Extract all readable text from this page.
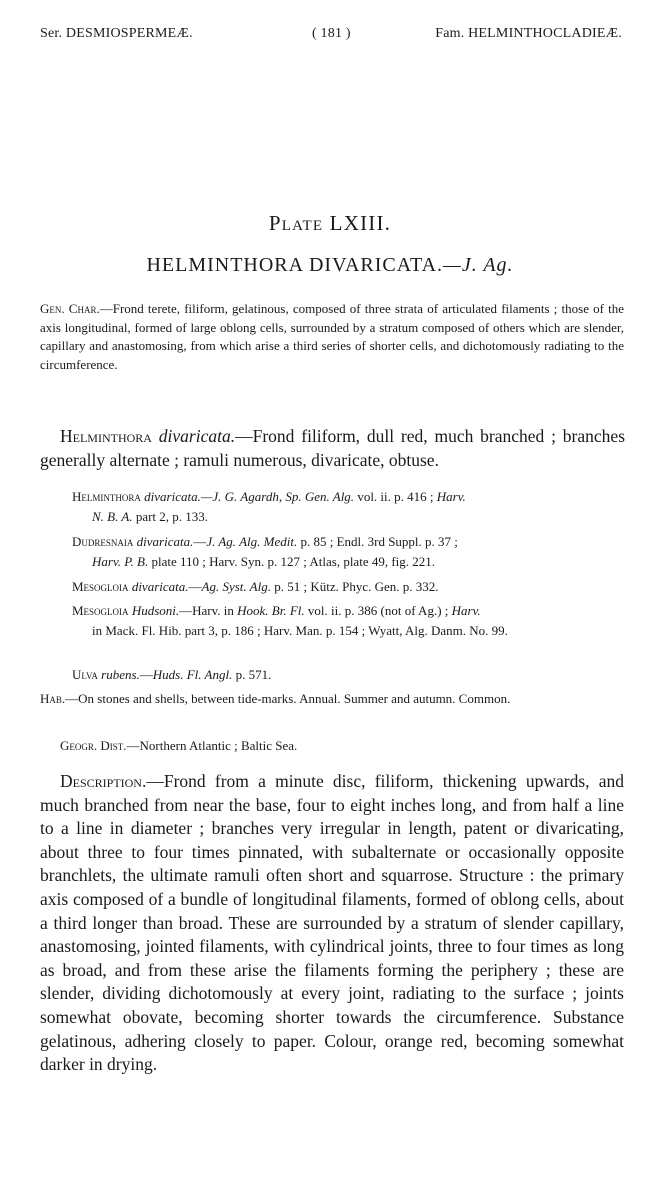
Ser. DESMIOSPERMEÆ.	( 181 )	Fam. HELMINTHOCLADIEÆ.
Plate LXIII.
HELMINTHORA DIVARICATA.—J. Ag.
Gen. Char.—Frond terete, filiform, gelatinous, composed of three strata of articulated filaments ; those of the axis longitudinal, formed of large oblong cells, surrounded by a stratum composed of others which are slender, capillary and anastomosing, from which arise a third series of shorter cells, and dichotomously radiating to the circumference.
Helminthora divaricata.—Frond filiform, dull red, much branched ; branches generally alternate ; ramuli numerous, divaricate, obtuse.
Helminthora divaricata.—J. G. Agardh, Sp. Gen. Alg. vol. ii. p. 416 ; Harv.
N. B. A. part 2, p. 133.
Dudresnaia divaricata.—J. Ag. Alg. Medit. p. 85 ; Endl. 3rd Suppl. p. 37 ;
Harv. P. B. plate 110 ; Harv. Syn. p. 127 ; Atlas, plate 49, fig. 221.
Mesogloia divaricata.—Ag. Syst. Alg. p. 51 ; Kütz. Phyc. Gen. p. 332.
Mesogloia Hudsoni.—Harv. in Hook. Br. Fl. vol. ii. p. 386 (not of Ag.) ; Harv.
in Mack. Fl. Hib. part 3, p. 186 ; Harv. Man. p. 154 ; Wyatt, Alg. Danm. No. 99.
Ulva rubens.—Huds. Fl. Angl. p. 571.
Hab.—On stones and shells, between tide-marks. Annual. Summer and autumn. Common.
Geogr. Dist.—Northern Atlantic ; Baltic Sea.

Description.—Frond from a minute disc, filiform, thickening upwards, and much branched from near the base, four to eight inches long, and from half a line to a line in diameter ; branches very irregular in length, patent or divaricating, about three to four times pinnated, with subalternate or occasionally opposite branchlets, the ultimate ramuli often short and squarrose. Structure : the primary axis composed of a bundle of longitudinal filaments, formed of oblong cells, about a third longer than broad. These are surrounded by a stratum of slender capillary, anastomosing, jointed filaments, with cylindrical joints, three to four times as long as broad, and from these arise the filaments forming the periphery ; these are slender, dividing dichotomously at every joint, radiating to the surface ; joints somewhat obovate, becoming shorter towards the circumference. Substance gelatinous, adhering closely to paper. Colour, orange red, becoming somewhat darker in drying.
